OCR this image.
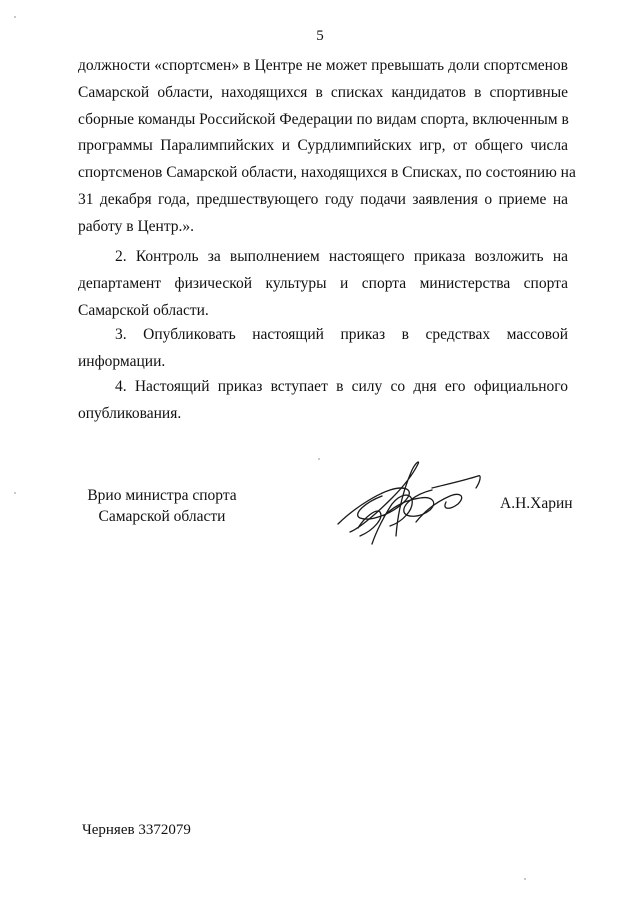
5
должности «спортсмен» в Центре не может превышать доли спортсменов
Самарской области, находящихся в списках кандидатов в спортивные
сборные команды Российской Федерации по видам спорта, включенным в
программы Паралимпийских и Сурдлимпийских игр, от общего числа
спортсменов Самарской области, находящихся в Списках, по состоянию на
31 декабря года, предшествующего году подачи заявления о приеме на
работу в Центр.».
2. Контроль за выполнением настоящего приказа возложить на
департамент физической культуры и спорта министерства спорта
Самарской области.
3. Опубликовать настоящий приказ в средствах массовой
информации.
4. Настоящий приказ вступает в силу со дня его официального
опубликования.
Врио министра спорта
Самарской области
А.Н.Харин
Черняев 3372079
